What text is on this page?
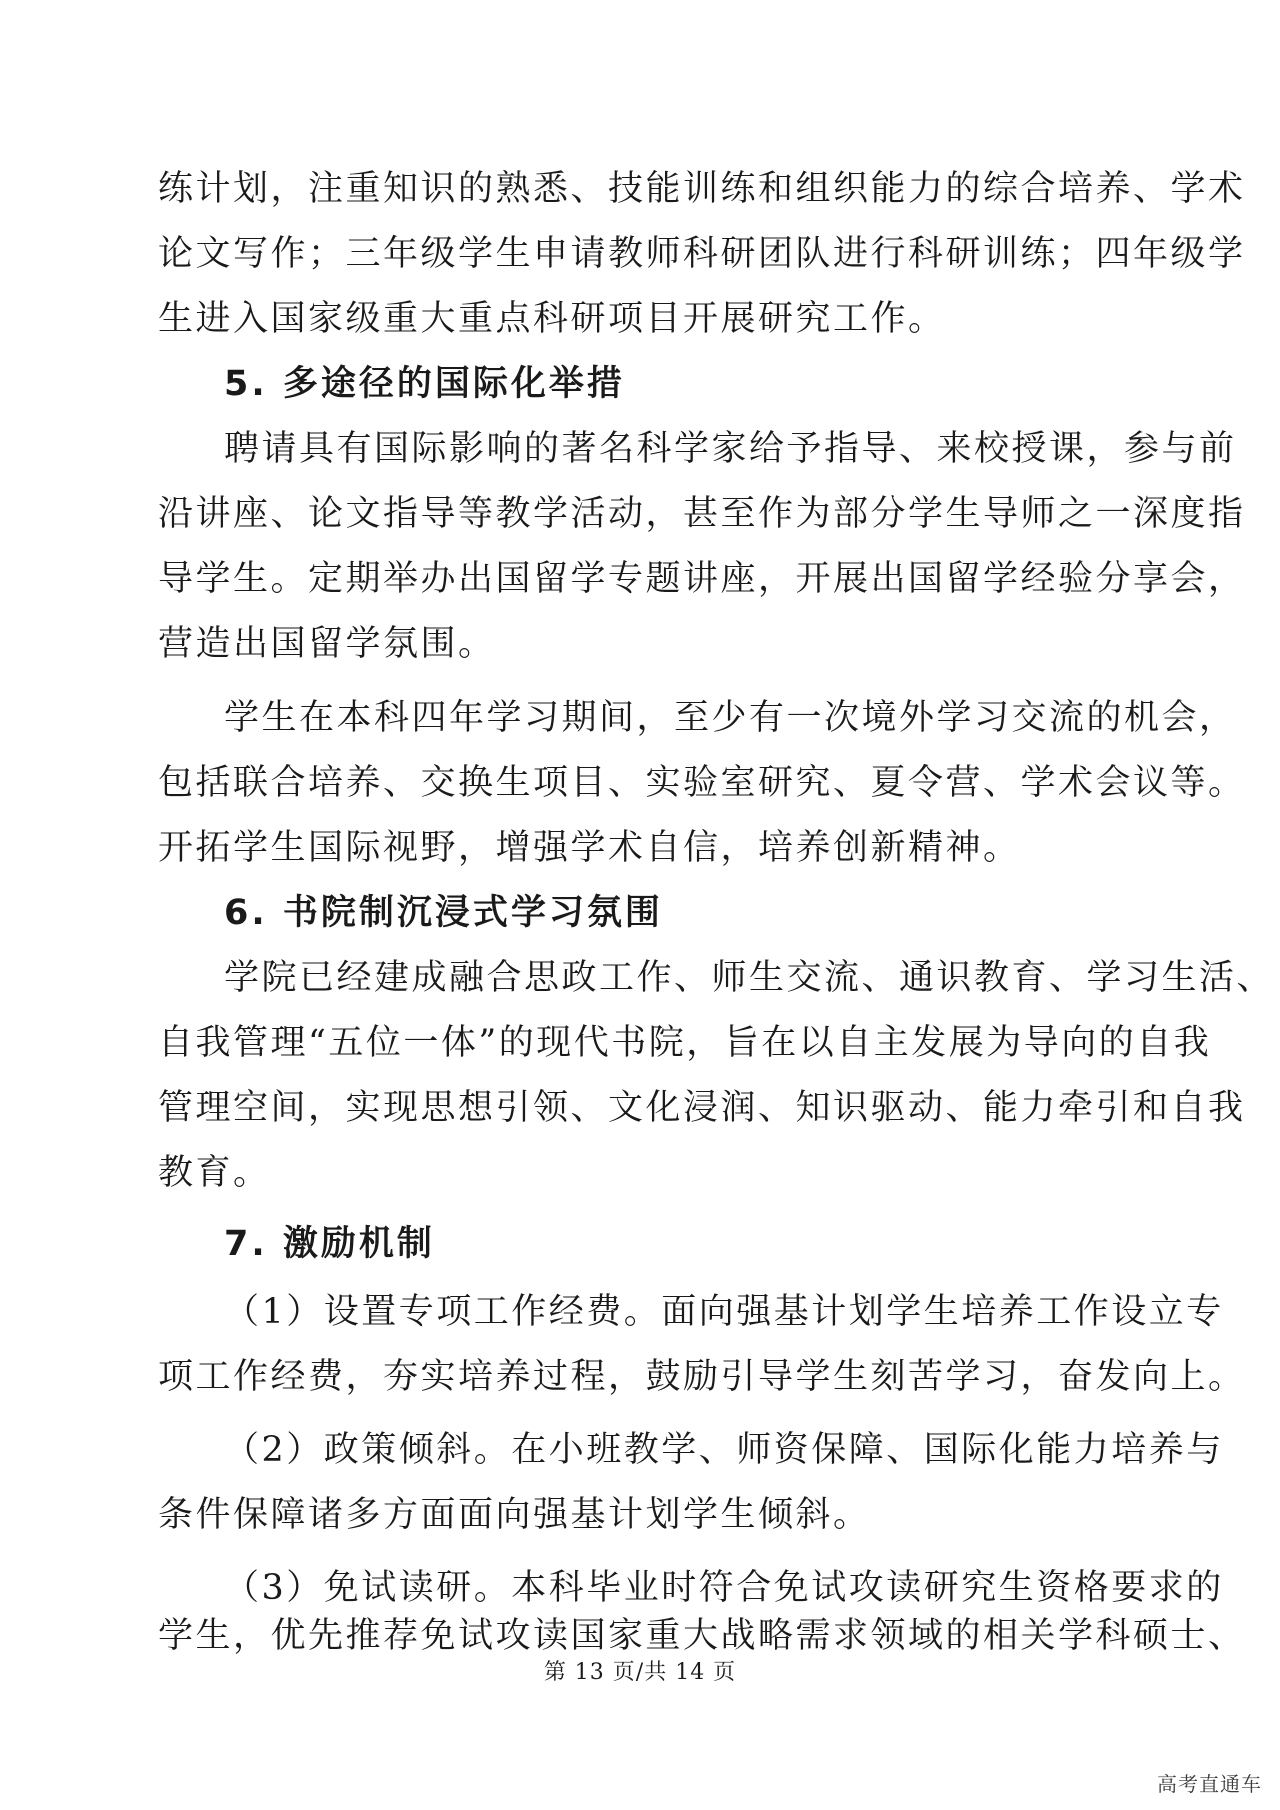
练计划，注重知识的熟悉、技能训练和组织能力的综合培养、学术
论文写作；三年级学生申请教师科研团队进行科研训练；四年级学
生进入国家级重大重点科研项目开展研究工作。
5. 多途径的国际化举措
聘请具有国际影响的著名科学家给予指导、来校授课，参与前
沿讲座、论文指导等教学活动，甚至作为部分学生导师之一深度指
导学生。定期举办出国留学专题讲座，开展出国留学经验分享会，
营造出国留学氛围。
学生在本科四年学习期间，至少有一次境外学习交流的机会，
包括联合培养、交换生项目、实验室研究、夏令营、学术会议等。
开拓学生国际视野，增强学术自信，培养创新精神。
6. 书院制沉浸式学习氛围
学院已经建成融合思政工作、师生交流、通识教育、学习生活、
自我管理“五位一体”的现代书院，旨在以自主发展为导向的自我
管理空间，实现思想引领、文化浸润、知识驱动、能力牵引和自我
教育。
7. 激励机制
（1）设置专项工作经费。面向强基计划学生培养工作设立专
项工作经费，夯实培养过程，鼓励引导学生刻苦学习，奋发向上。
（2）政策倾斜。在小班教学、师资保障、国际化能力培养与
条件保障诸多方面面向强基计划学生倾斜。
（3）免试读研。本科毕业时符合免试攻读研究生资格要求的
学生，优先推荐免试攻读国家重大战略需求领域的相关学科硕士、
第 13 页/共 14 页
高考直通车
